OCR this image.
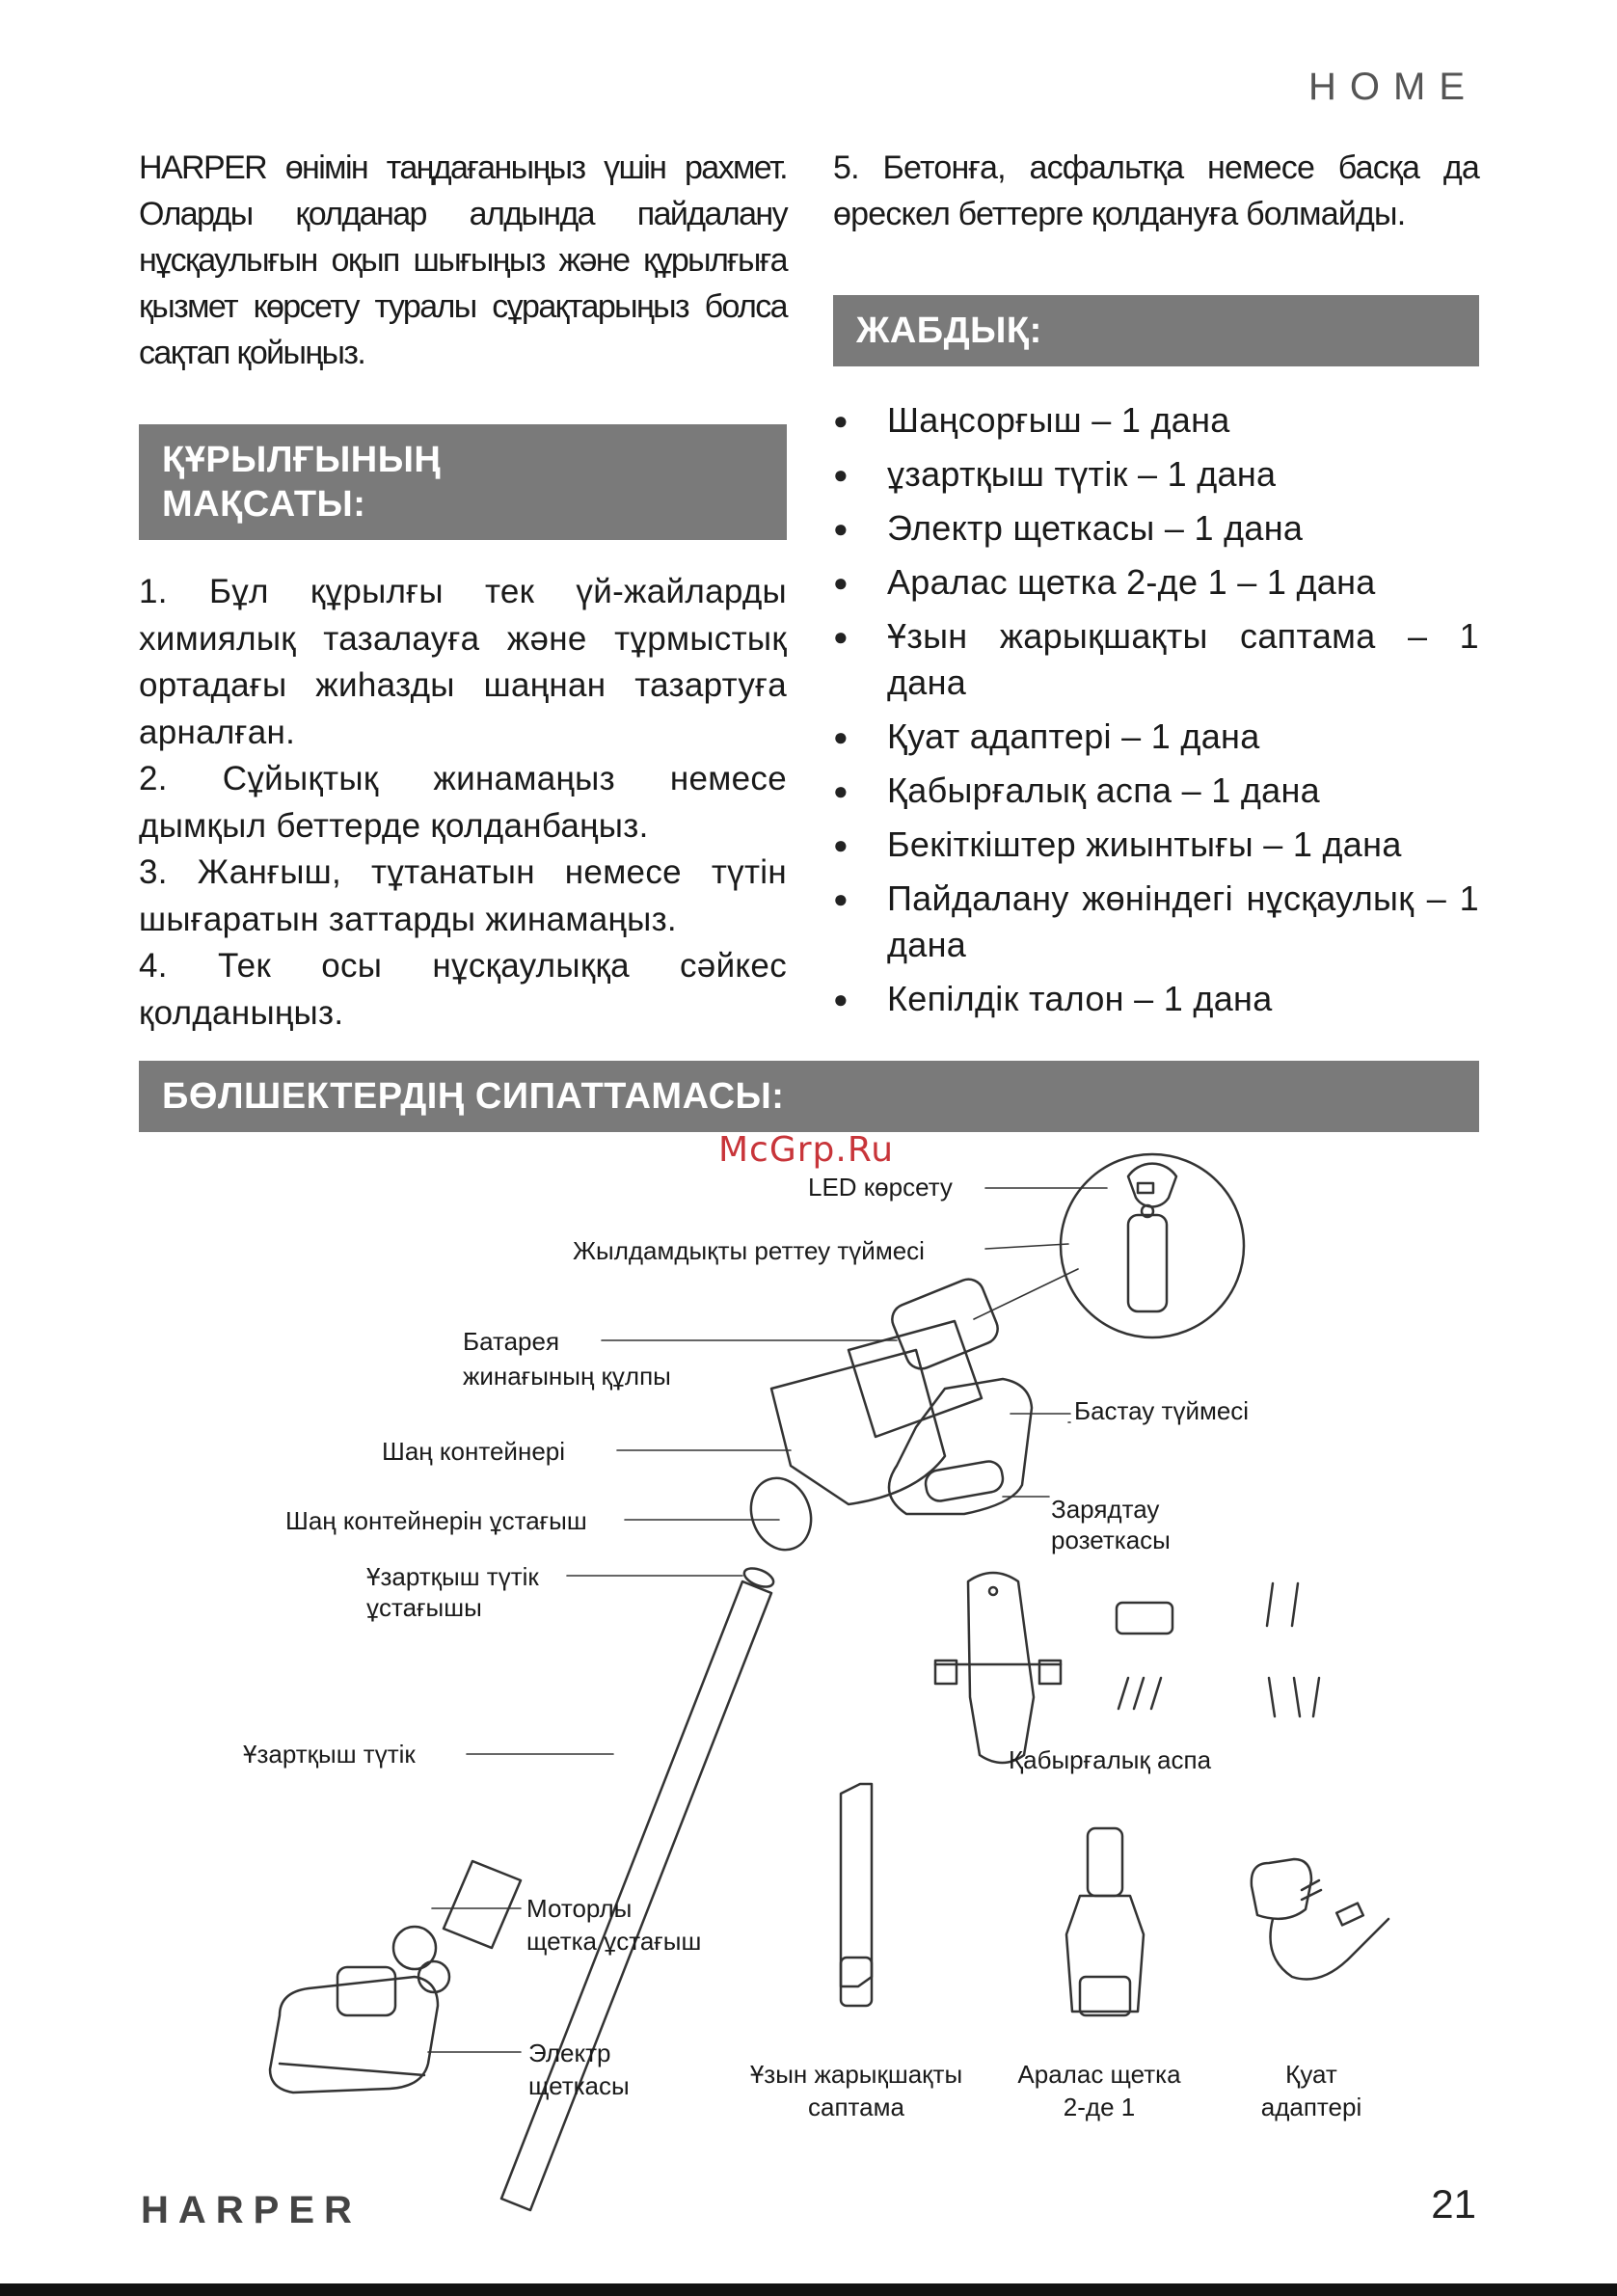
HOME

HARPER өнімін таңдағаныңыз үшін рахмет. Оларды қолданар алдында пайдалану нұсқаулығын оқып шығыңыз және құрылғыға қызмет көрсету туралы сұрақтарыңыз болса сақтап қойыңыз.

ҚҰРЫЛҒЫНЫҢ
МАҚСАТЫ:

1. Бұл құрылғы тек үй-жайларды химиялық тазалауға және тұрмыстық ортадағы жиһазды шаңнан тазартуға арналған.

2. Сұйықтық жинамаңыз немесе дымқыл беттерде қолданбаңыз.

3. Жанғыш, тұтанатын немесе түтін шығаратын заттарды жинамаңыз.

4. Тек осы нұсқаулыққа сәйкес қолданыңыз.

5. Бетонға, асфальтқа немесе басқа да өрескел беттерге қолдануға болмайды.

ЖАБДЫҚ:
● Шаңсорғыш – 1 дана
● ұзартқыш түтік – 1 дана
● Электр щеткасы – 1 дана
● Аралас щетка 2-де 1 – 1 дана
● Ұзын жарықшақты саптама – 1 дана
● Қуат адаптері – 1 дана
● Қабырғалық аспа – 1 дана
● Бекіткіштер жиынтығы – 1 дана
● Пайдалану жөніндегі нұсқаулық – 1 дана
● Кепілдік талон – 1 дана
БӨЛШЕКТЕРДІҢ СИПАТТАМАСЫ:
McGrp.Ru
LED көрсету
Жылдамдықты реттеу түймесі
Батарея
жинағының құлпы
Бастау түймесі
Шаң контейнері
Шаң контейнерін ұстағыш	Зарядтау
розеткасы
Ұзартқыш түтік
ұстағышы
Ұзартқыш түтік	Қабырғалық аспа
Моторлы
щетка ұстағыш
Электр
щеткасы	Ұзын жарықшақты
саптама
Аралас щетка
2-де 1
Қуат
адаптері
HARPER	21
